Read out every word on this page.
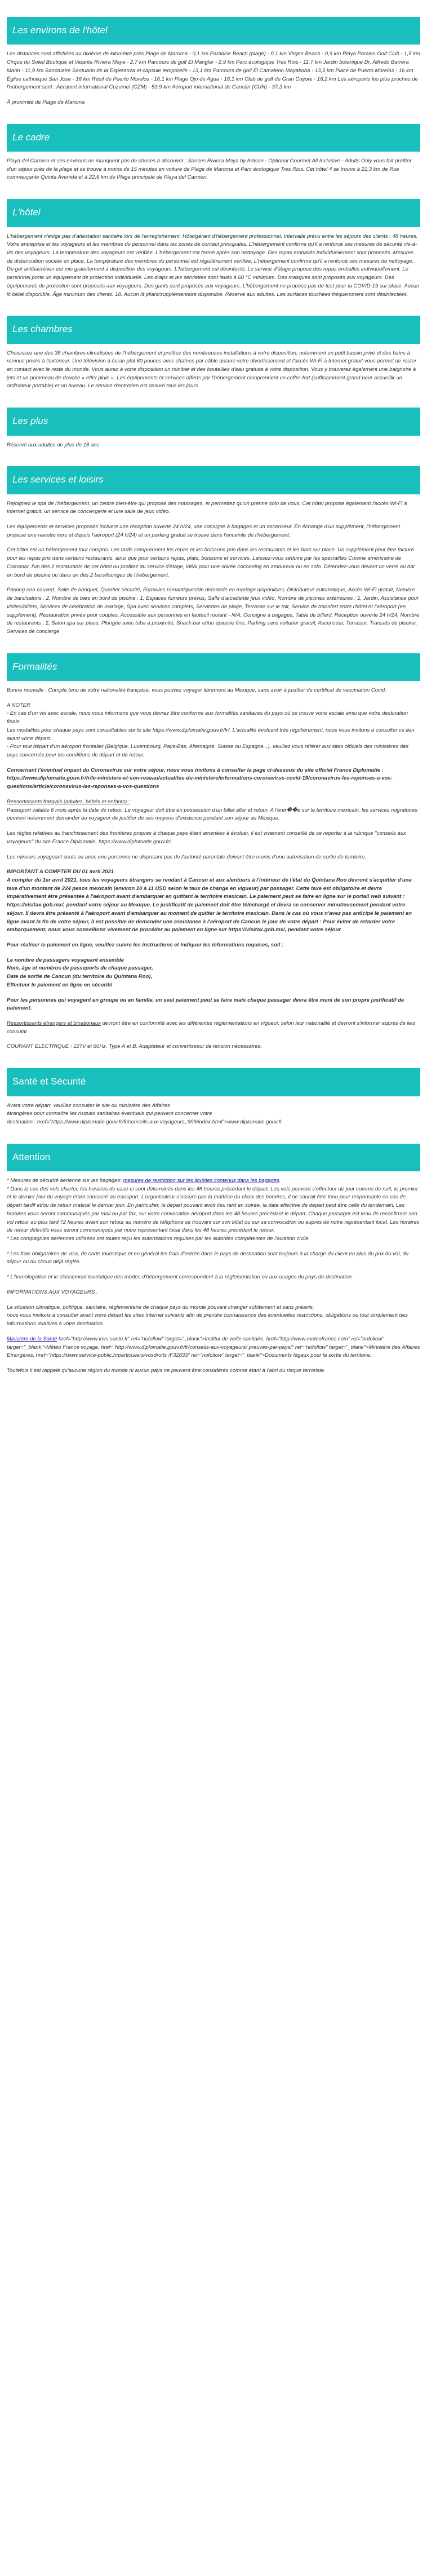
Les environs de l'hôtel

Les distances sont affichées au dixième de kilomètre près Plage de Maroma - 0,1 km Paradise Beach (plage) - 0,1 km Virgen Beach - 0,9 km Playa Paraiso Golf Club - 1,5 km Cirque du Soleil Boutique et Vidanta Riviera Maya - 2,7 km Parcours de golf El Manglar - 2,9 km Parc écologique Tres Rios - 11,7 km Jardin botanique Dr. Alfredo Barrera Marin - 11,9 km Sanctuaire Santuario de la Esperanza et capsule temporelle - 13,1 km Parcours de golf El Camaleon Mayakoba - 13,5 km Place de Puerto Morelos - 16 km Église catholique San Jose - 16 km Récif de Puerto Morelos - 16,1 km Plage Ojo de Agua - 16,1 km Club de golf de Gran Coyote - 16,2 km Les aéroports les plus proches de l'hébergement sont : Aéroport international Cozumel (CZM) - 53,9 km Aéroport international de Cancún (CUN) - 37,3 km

À proximité de Plage de Maroma

Le cadre

Playa del Carmen et ses environs ne manquent pas de choses à découvrir : Sanses Riviera Maya by Artisan - Optional Gourmet All Inclusive - Adults Only vous fait profiter d'un séjour près de la plage et se trouve à moins de 15 minutes en voiture de Plage de Maroma et Parc écologique Tres Rios. Cet hôtel 4 se trouve à 21,3 km de Rue commerçante Quinta Avenida et à 22,6 km de Plage principale de Playa del Carmen.

L'hôtel

L'hébergement n'exige pas d'attestation sanitaire lors de l'enregistrement. Hôte/gérant d'hébergement professionnel. Intervalle prévu entre les séjours des clients : 48 heures. Votre entreprise et les voyageurs et les membres du personnel dans les zones de contact principales. L'hébergement confirme qu'il a renforcé ses mesures de sécurité vis-à-vis des voyageurs. La température des voyageurs est vérifiée. L'hébergement est fermé après son nettoyage. Des repas emballés individuellement sont proposés. Mesures de distanciation sociale en place. La température des membres du personnel est régulièrement vérifiée. L'hébergement confirme qu'il a renforcé ses mesures de nettoyage. Du gel antibactérien est mis gratuitement à disposition des voyageurs. L'hébergement est désinfecté. Le service d'étage propose des repas emballés individuellement. Le personnel porte un équipement de protection individuelle. Les draps et les serviettes sont lavés à 60 °C minimum. Des masques sont proposés aux voyageurs. Des équipements de protection sont proposés aux voyageurs. Des gants sont proposés aux voyageurs. L'hébergement ne propose pas de test pour la COVID-19 sur place. Aucun lit bébé disponible. Âge minimum des clients: 18. Aucun lit pliant/supplémentaire disponible. Réservé aux adultes. Les surfaces touchées fréquemment sont désinfectées.

Les chambres

Choisissez une des 38 chambres climatisées de l'hébergement et profitez des nombreuses installations à votre disposition, notamment un petit bassin privé et des bains à remous privés à l'extérieur. Une télévision à écran plat 60 pouces avec chaînes par câble assure votre divertissement et l'accès Wi-Fi à Internet gratuit vous permet de rester en contact avec le reste du monde. Vous aurez à votre disposition un minibar et des bouteilles d'eau gratuite à votre disposition. Vous y trouverez également une baignoire à jets et un pommeau de douche « effet pluie ». Les équipements et services offerts par l'hébergement comprennent un coffre-fort (suffisamment grand pour accueillir un ordinateur portable) et un bureau. Le service d'entretien est assuré tous les jours.

Les plus

Réservé aux adultes de plus de 18 ans

Les services et loisirs

Rejoignez le spa de l'hébergement, un centre bien-être qui propose des massages, et permettez qu'un prenne soin de vous. Cet hôtel propose également l'accès Wi-Fi à Internet gratuit, un service de conciergerie et une salle de jeux vidéo.

Les équipements et services proposés incluent une réception ouverte 24 h/24, une consigne à bagages et un ascenseur. En échange d'un supplément, l'hébergement propose une navette vers et depuis l'aéroport (24 h/24) et un parking gratuit se trouve dans l'enceinte de l'hébergement.

Cet hôtel est un hébergement tout compris. Les tarifs comprennent les repas et les boissons pris dans les restaurants et les bars sur place. Un supplément peut être facturé pour les repas pris dans certains restaurants, ainsi que pour certains repas, plats, boissons et services. Laissez-vous séduire par les spécialités Cuisine américaine de Comanar. l'un des 2 restaurants de cet hôtel ou profitez du service d'étage, idéal pour une soirée cocooning en amoureux ou en solo. Détendez-vous devant un verre ou bar en bord de piscine ou dans un des 2 bars/lounges de l'hébergement.

Parking non couvert, Salle de banquet, Quartier sécurité, Formules romantiques/de demande en mariage disponibles, Distributeur automatique, Accès Wi-Fi gratuit, Nombre de bars/salons : 2, Nombre de bars en bord de piscine : 1, Espaces fumeurs prévus, Salle d'arcade/de jeux vidéo, Nombre de piscines extérieures : 1, Jardin, Assistance pour visites/billets, Services de célébration de mariage, Spa avec services complets, Serviettes de plage, Terrasse sur le toit, Service de transfert entre l'hôtel et l'aéroport (en supplément), Restauration privée pour couples, Accessible aux personnes en fauteuil roulant - N/A, Consigne à bagages, Table de billard, Réception ouverte 24 h/24, Nombre de restaurants : 2, Salon spa sur place, Plongée avec tuba à proximité, Snack-bar et/ou épicerie fine, Parking sans voiturier gratuit, Ascenseur, Terrasse, Transats de piscine, Services de concierge

Formalités

Bonne nouvelle : Compte tenu de votre nationalité française, vous pouvez voyager librement au Mexique, sans avoir à justifier de certificat de vaccination Covid.

A NOTER

- En cas d'un vol avec escale, nous vous informons que vous devrez être conforme aux formalités sanitaires du pays où se trouve votre escale ainsi que votre destination finale.
Les modalités pour chaque pays sont consultables sur le site https://www.diplomatie.gouv.fr/fr/. L'actualité évoluant très régulièrement, nous vous invitons à consulter ce lien avant votre départ.
- Pour tout départ d'un aéroport frontalier (Belgique, Luxembourg, Pays-Bas, Allemagne, Suisse ou Espagne...), veuillez vous référer aux sites officiels des ministères des pays concernés pour les conditions de départ et de retour.

Concernant l'éventuel impact du Coronavirus sur votre séjour, nous vous invitons à consulter la page ci-dessous du site officiel France Diplomatie : https://www.diplomatie.gouv.fr/fr/le-ministere-et-son-reseau/actualites-du-ministere/informations-coronavirus-covid-19/coronavirus-les-reponses-a-vos-questions/article/coronavirus-les-reponses-a-vos-questions

Ressortissants français (adultes, bébés et enfants) :

Passeport valable 6 mois après la date de retour. Le voyageur doit être en possession d'un billet aller et retour. A l'entr��e sur le territoire mexicain, les services migratoires peuvent notamment demander au voyageur de justifier de ses moyens d'existence pendant son séjour au Mexique.

Les règles relatives au franchissement des frontières propres à chaque pays étant amenées à évoluer, il est vivement conseillé de se reporter à la rubrique "conseils aux voyageurs" du site France Diplomatie, https://www.diplomatie.gouv.fr/.

Les mineurs voyageant seuls ou avec une personne ne disposant pas de l'autorité parentale doivent être munis d'une autorisation de sortie de territoire.

IMPORTANT A COMPTER DU 01 avril 2021
A compter du 1er avril 2021, tous les voyageurs étrangers se rendant à Cancun et aux alentours à l'intérieur de l'état du Quintana Roo devront s'acquitter d'une taxe d'un montant de 224 pesos mexicain (environ 10 à 11 USD selon le taux de change en vigueur) par passager. Cette taxe est obligatoire et devra impérativement être présentée à l'aéroport avant d'embarquer en quittant le territoire mexicain. Le paiement peut se faire en ligne sur le portail web suivant : https://visitax.gob.mx/, pendant votre séjour au Mexique. Le justificatif de paiement doit être téléchargé et devra se conserver minutieusement pendant votre séjour. Il devra être présenté à l'aéroport avant d'embarquer au moment de quitter le territoire mexicain. Dans le cas où vous n'avez pas anticipé le paiement en ligne avant la fin de votre séjour, il est possible de demander une assistance à l'aéroport de Cancun le jour de votre départ : Pour éviter de retarder votre embarquement, nous vous conseillons vivement de procéder au paiement en ligne sur https://visitax.gob.mx/, pendant votre séjour.

Pour réaliser le paiement en ligne, veuillez suivre les instructions et indiquer les informations requises, soit :

Le nombre de passagers voyageant ensemble
Nom, âge et numéros de passeports de chaque passager,
Date de sortie de Cancun (du territoire du Quintana Roo),
Effectuer le paiement en ligne en sécurité

Pour les personnes qui voyagent en groupe ou en famille, un seul paiement peut se faire mais chaque passager devra être muni de son propre justificatif de paiement.

Ressortissants étrangers et binationaux devront être en conformité avec les différentes réglementations en vigueur, selon leur nationalité et devront s'informer auprès de leur consulat.

COURANT ELECTRIQUE : 127V et 60Hz. Type A et B. Adaptateur et convertisseur de tension nécessaires.

Santé et Sécurité

Avant votre départ, veuillez consulter le site du ministère des Affaires
étrangères pour connaître les risques sanitaires éventuels qui peuvent concerner votre
destination : href="https://www.diplomatie.gouv.fr/fr/conseils-aux-voyageurs_909/index.html">www.diplomatie.gouv.fr

Attention

* Mesures de sécurité aérienne sur les bagages: mesures de restriction sur les liquides contenus dans les bagages.
* Dans le cas des vols charter, les horaires de case-ci sont déterminés dans les 48 heures précédant le départ. Les vols peuvent s'effectuer de jour comme de nuit, le premier et le dernier jour du voyage étant consacré au transport. L'organisateur n'assure pas la maîtrise du choix des horaires, il ne saurait être tenu pour responsable en cas de départ tardif et/ou de retour matinal le dernier jour. En particulier, le départ pouvant avoir lieu tard en soirée, la date effective de départ peut être celle du lendemain. Les horaires vous seront communiqués par mail ou par fax, sur votre convocation aéroport dans les 48 heures précédant le départ. Chaque passager est tenu de reconfirmer son vol retour au plus tard 72 heures avant son retour au numéro de téléphone se trouvant sur son billet ou sur sa convocation ou auprès de notre représentant local. Les horaires de retour définitifs vous seront communiqués par notre représentant local dans les 48 heures précédant le retour.
* Les compagnies aériennes utilisées ont toutes reçu les autorisations requises par les autorités compétentes de l'aviation civile.

* Les frais obligatoires de visa, de carte touristique et en général les frais d'entrée dans le pays de destination sont toujours à la charge du client en plus du prix du vol, du séjour ou du circuit déjà réglés.

* L'homologation et le classement touristique des modes d'hébergement correspondent à la réglementation ou aux usages du pays de destination.

INFORMATIONS AUX VOYAGEURS :

La situation climatique, politique, sanitaire, réglementaire de chaque pays du monde pouvant changer subitement et sans préavis,
nous vous invitons à consulter avant votre départ les sites Internet suivants afin de prendre connaissance des éventuelles restrictions, obligations ou tout simplement des informations relatives à votre destination.

Ministère de la Santé href="http://www.invs.sante.fr" rel="nofollow" target="_blank">Institut de veille sanitaire, href="http://www.meteofrance.com" rel="nofollow" target="_blank">Météo France voyage, href="http://www.diplomatie.gouv.fr/fr/conseils-aux-voyageurs/ preuves-par-pays/" rel="nofollow" target="_blank">Ministère des Affaires Etrangères, href="https://www.service-public.fr/particuliers/vosdroits /F32833" rel="nofollow" target="_blank">Documents légaux pour la sortie du territoire.

Toutefois il est rappelé qu'aucune région du monde ni aucun pays ne peuvent être considérés comme étant à l'abri du risque terroriste.
